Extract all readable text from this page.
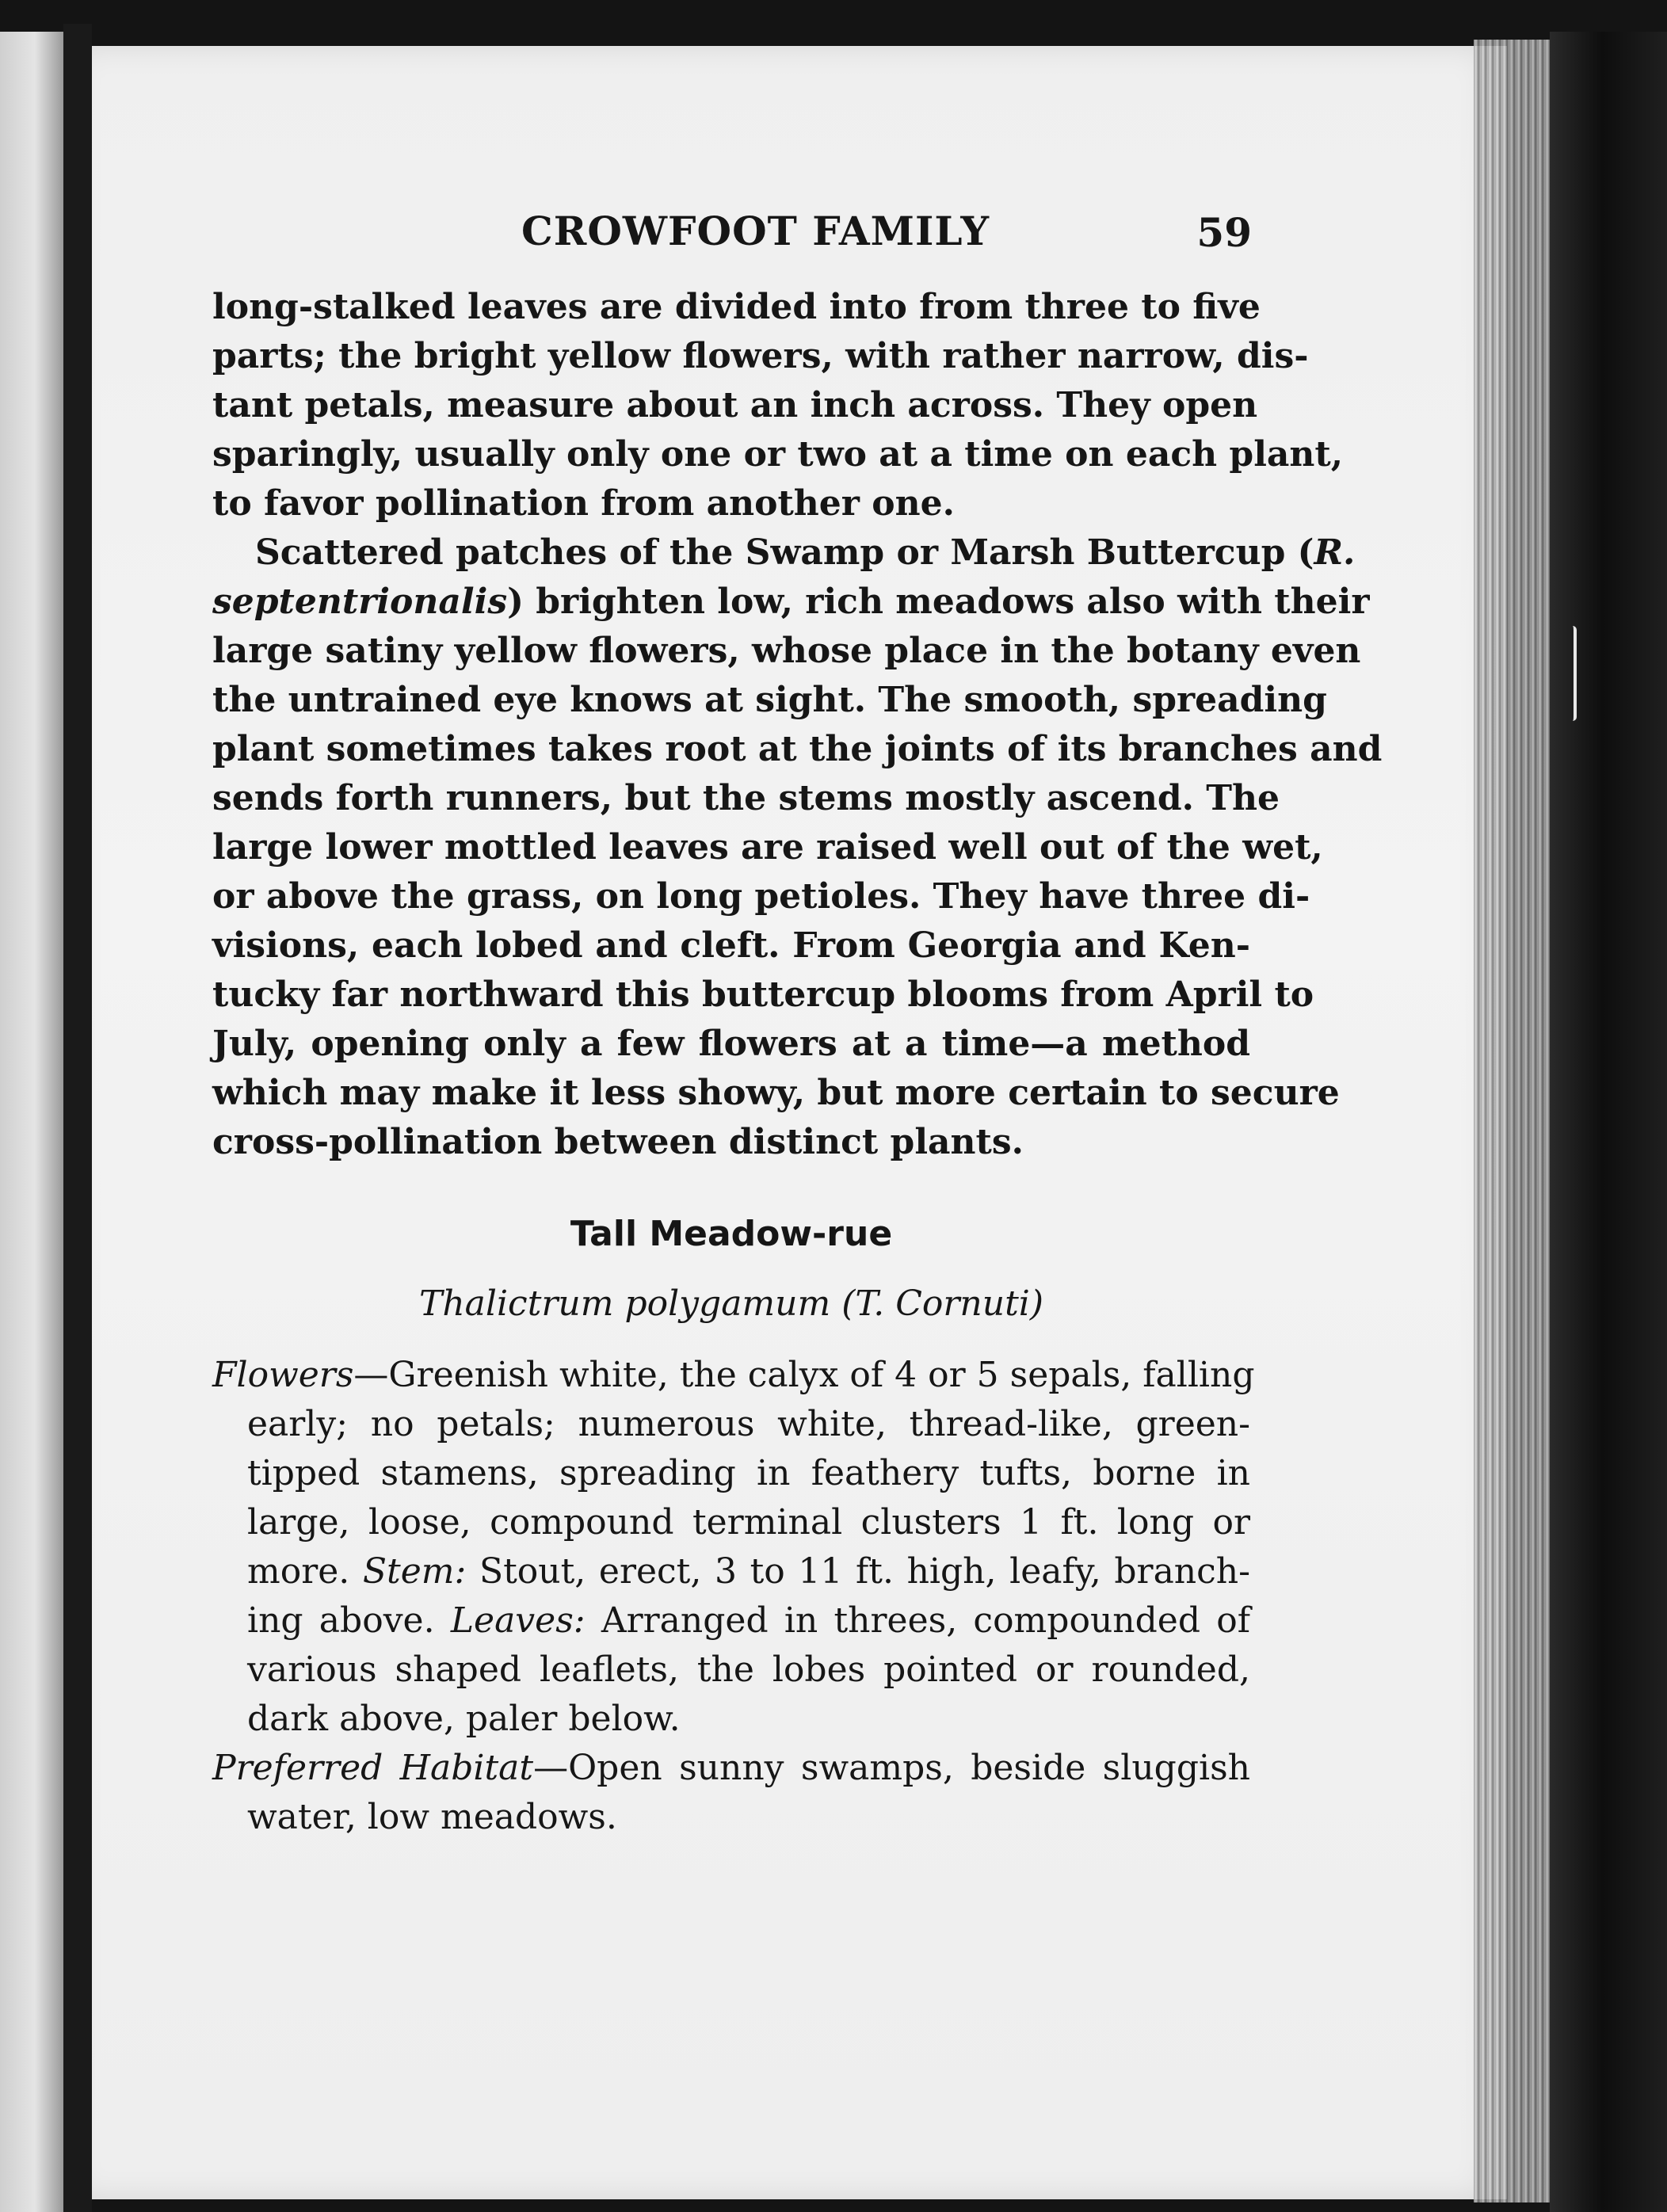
CROWFOOT FAMILY	59
long-stalked leaves are divided into from three to five
parts; the bright yellow flowers, with rather narrow, dis-
tant petals, measure about an inch across. They open
sparingly, usually only one or two at a time on each plant,
to favor pollination from another one.
Scattered patches of the Swamp or Marsh Buttercup (R.
septentrionalis) brighten low, rich meadows also with their
large satiny yellow flowers, whose place in the botany even
the untrained eye knows at sight. The smooth, spreading
plant sometimes takes root at the joints of its branches and
sends forth runners, but the stems mostly ascend. The
large lower mottled leaves are raised well out of the wet,
or above the grass, on long petioles. They have three di-
visions, each lobed and cleft. From Georgia and Ken-
tucky far northward this buttercup blooms from April to
July, opening only a few flowers at a time—a method
which may make it less showy, but more certain to secure
cross-pollination between distinct plants.
Tall Meadow-rue
Thalictrum polygamum (T. Cornuti)
Flowers—Greenish white, the calyx of 4 or 5 sepals, falling
early; no petals; numerous white, thread-like, green-
tipped stamens, spreading in feathery tufts, borne in
large, loose, compound terminal clusters 1 ft. long or
more. Stem: Stout, erect, 3 to 11 ft. high, leafy, branch-
ing above. Leaves: Arranged in threes, compounded of
various shaped leaflets, the lobes pointed or rounded,
dark above, paler below.
Preferred Habitat—Open sunny swamps, beside sluggish
water, low meadows.
